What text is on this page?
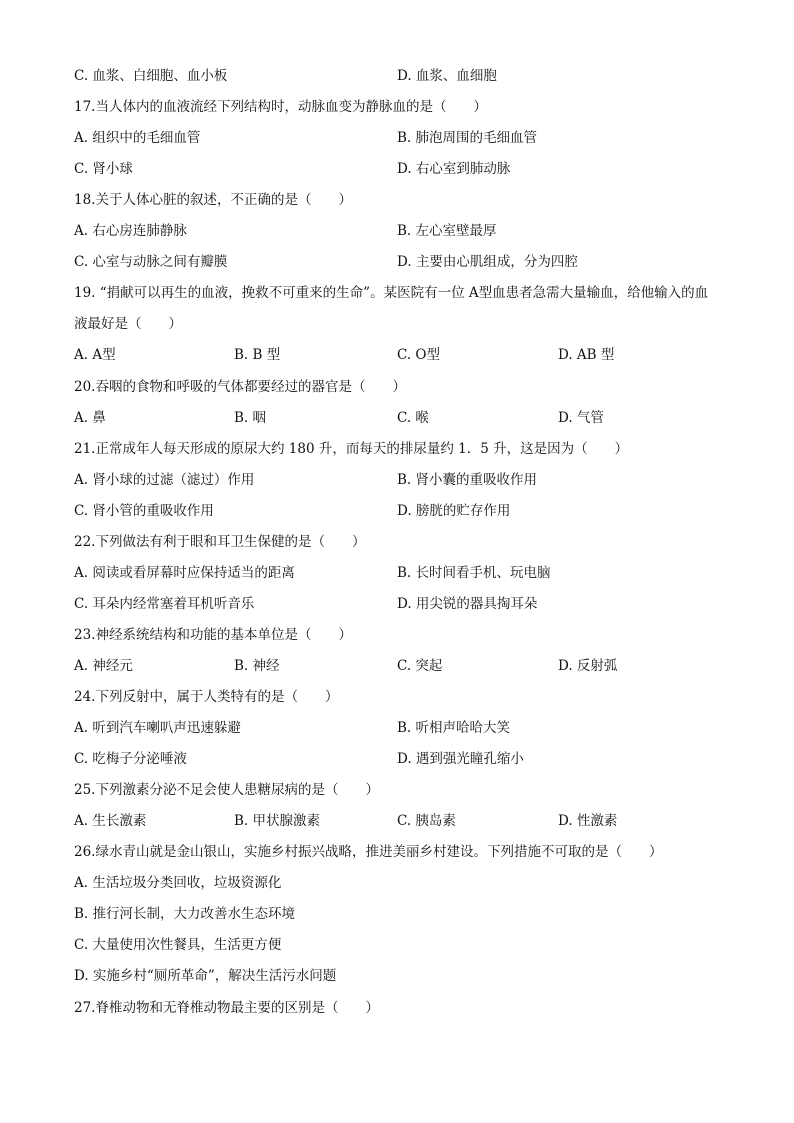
C. 血浆、白细胞、血小板	D. 血浆、血细胞
17.当人体内的血液流经下列结构时，动脉血变为静脉血的是（　　）
A. 组织中的毛细血管	B. 肺泡周围的毛细血管
C. 肾小球	D. 右心室到肺动脉
18.关于人体心脏的叙述，不正确的是（　　）
A. 右心房连肺静脉	B. 左心室壁最厚
C. 心室与动脉之间有瓣膜	D. 主要由心肌组成，分为四腔
19. “捐献可以再生的血液，挽救不可重来的生命”。某医院有一位 A型血患者急需大量输血，给他输入的血
液最好是（　　）
A. A型	B. B 型	C. O型	D. AB 型
20.吞咽的食物和呼吸的气体都要经过的器官是（　　）
A. 鼻	B. 咽	C. 喉	D. 气管
21.正常成年人每天形成的原尿大约 180 升，而每天的排尿量约 1．5 升，这是因为（　　）
A. 肾小球的过滤（滤过）作用	B. 肾小囊的重吸收作用
C. 肾小管的重吸收作用	D. 膀胱的贮存作用
22.下列做法有利于眼和耳卫生保健的是（　　）
A. 阅读或看屏幕时应保持适当的距离	B. 长时间看手机、玩电脑
C. 耳朵内经常塞着耳机听音乐	D. 用尖锐的器具掏耳朵
23.神经系统结构和功能的基本单位是（　　）
A. 神经元	B. 神经	C. 突起	D. 反射弧
24.下列反射中，属于人类特有的是（　　）
A. 听到汽车喇叭声迅速躲避	B. 听相声哈哈大笑
C. 吃梅子分泌唾液	D. 遇到强光瞳孔缩小
25.下列激素分泌不足会使人患糖尿病的是（　　）
A. 生长激素	B. 甲状腺激素	C. 胰岛素	D. 性激素
26.绿水青山就是金山银山，实施乡村振兴战略，推进美丽乡村建设。下列措施不可取的是（　　）
A. 生活垃圾分类回收，垃圾资源化
B. 推行河长制，大力改善水生态环境
C. 大量使用次性餐具，生活更方便
D. 实施乡村“厕所革命”，解决生活污水问题
27.脊椎动物和无脊椎动物最主要的区别是（　　）
